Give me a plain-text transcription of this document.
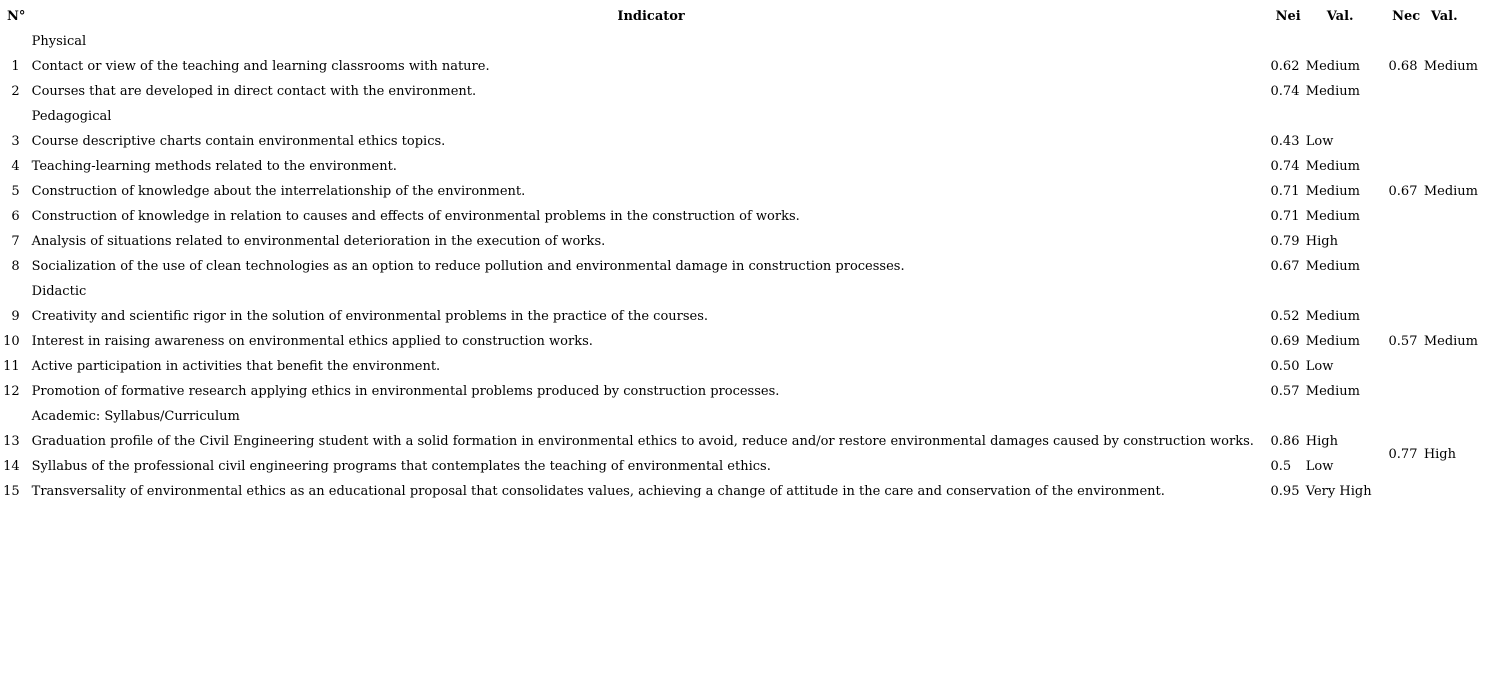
N°	Indicator	Nei	Val.	Nec	Val.
	Physical				
1	Contact or view of the teaching and learning classrooms with nature.	0.62	Medium	0.68	Medium
2	Courses that are developed in direct contact with the environment.	0.74	Medium		
	Pedagogical				
3	Course descriptive charts contain environmental ethics topics.	0.43	Low		
4	Teaching-learning methods related to the environment.	0.74	Medium		
5	Construction of knowledge about the interrelationship of the environment.	0.71	Medium	0.67	Medium
6	Construction of knowledge in relation to causes and effects of environmental problems in the construction of works.	0.71	Medium		
7	Analysis of situations related to environmental deterioration in the execution of works.	0.79	High		
8	Socialization of the use of clean technologies as an option to reduce pollution and environmental damage in construction processes.	0.67	Medium		
	Didactic				
9	Creativity and scientific rigor in the solution of environmental problems in the practice of the courses.	0.52	Medium		
10	Interest in raising awareness on environmental ethics applied to construction works.	0.69	Medium	0.57	Medium
11	Active participation in activities that benefit the environment.	0.50	Low		
12	Promotion of formative research applying ethics in environmental problems produced by construction processes.	0.57	Medium		
	Academic: Syllabus/Curriculum				
13	Graduation profile of the Civil Engineering student with a solid formation in environmental ethics to avoid, reduce and/or restore environmental damages caused by construction works.	0.86	High	0.77	High
14	Syllabus of the professional civil engineering programs that contemplates the teaching of environmental ethics.	0.5	Low		
15	Transversality of environmental ethics as an educational proposal that consolidates values, achieving a change of attitude in the care and conservation of the environment.	0.95	Very High		
